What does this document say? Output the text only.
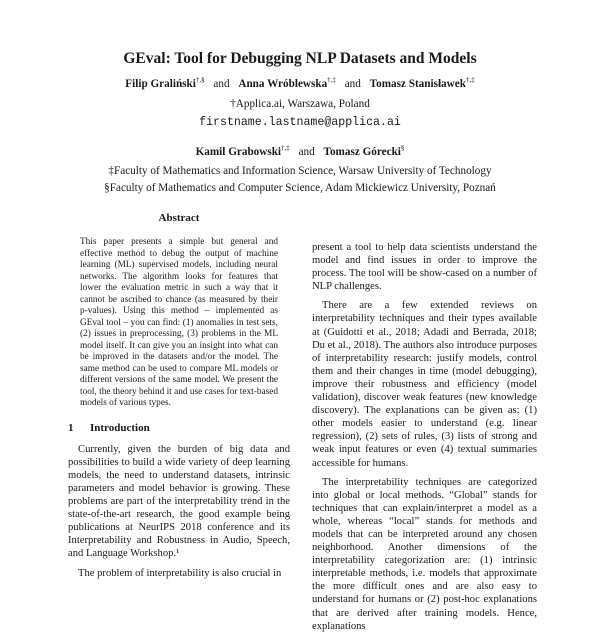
GEval: Tool for Debugging NLP Datasets and Models
Filip Graliński†,§ and Anna Wróblewska†,‡ and Tomasz Stanisławek†,‡
†Applica.ai, Warszawa, Poland
firstname.lastname@applica.ai
Kamil Grabowski†,‡ and Tomasz Górecki§
‡Faculty of Mathematics and Information Science, Warsaw University of Technology
§Faculty of Mathematics and Computer Science, Adam Mickiewicz University, Poznań
Abstract

This paper presents a simple but general and effective method to debug the output of machine learning (ML) supervised models, including neural networks. The algorithm looks for features that lower the evaluation metric in such a way that it cannot be ascribed to chance (as measured by their p-values). Using this method – implemented as GEval tool – you can find: (1) anomalies in test sets, (2) issues in preprocessing, (3) problems in the ML model itself. It can give you an insight into what can be improved in the datasets and/or the model. The same method can be used to compare ML models or different versions of the same model. We present the tool, the theory behind it and use cases for text-based models of various types.

1 Introduction

Currently, given the burden of big data and possibilities to build a wide variety of deep learning models, the need to understand datasets, intrinsic parameters and model behavior is growing. These problems are part of the interpretability trend in the state-of-the-art research, the good example being publications at NeurIPS 2018 conference and its Interpretability and Robustness in Audio, Speech, and Language Workshop.¹

The problem of interpretability is also crucial in

present a tool to help data scientists understand the model and find issues in order to improve the process. The tool will be show-cased on a number of NLP challenges.

There are a few extended reviews on interpretability techniques and their types available at (Guidotti et al., 2018; Adadi and Berrada, 2018; Du et al., 2018). The authors also introduce purposes of interpretability research: justify models, control them and their changes in time (model debugging), improve their robustness and efficiency (model validation), discover weak features (new knowledge discovery). The explanations can be given as: (1) other models easier to understand (e.g. linear regression), (2) sets of rules, (3) lists of strong and weak input features or even (4) textual summaries accessible for humans.

The interpretability techniques are categorized into global or local methods. “Global” stands for techniques that can explain/interpret a model as a whole, whereas “local” stands for methods and models that can be interpreted around any chosen neighborhood. Another dimensions of the interpretability categorization are: (1) intrinsic interpretable methods, i.e. models that approximate the more difficult ones and are also easy to understand for humans or (2) post-hoc explanations that are derived after training models. Hence, explanations
